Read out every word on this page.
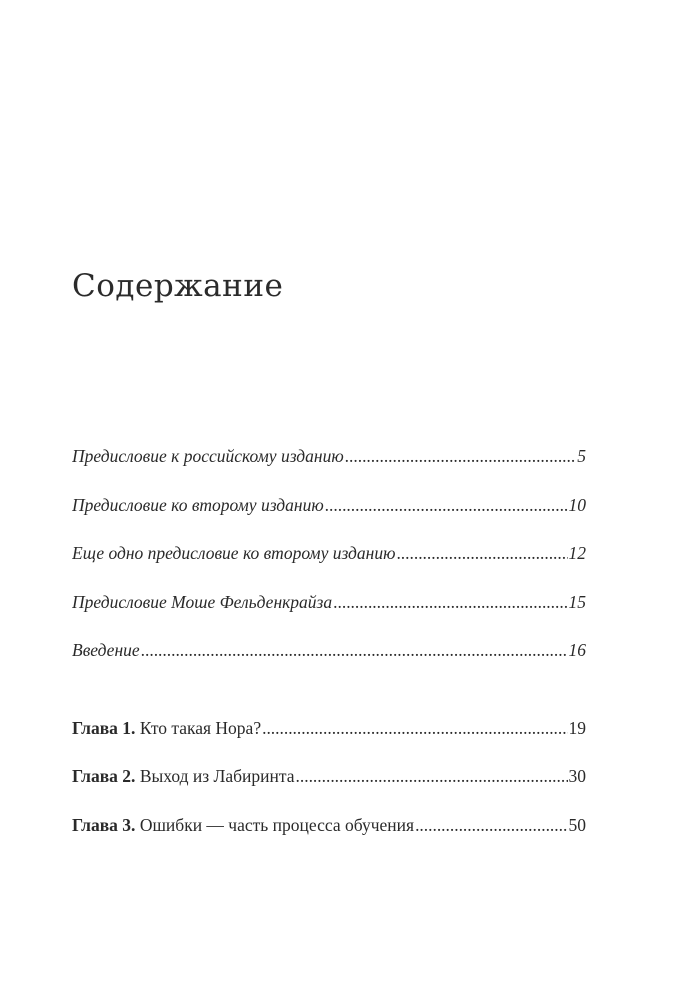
Содержание
Предисловие к российскому изданию . . .	5
Предисловие ко второму изданию . . .	10
Еще одно предисловие ко второму изданию . . .	12
Предисловие Моше Фельденкрайза . . .	15
Введение . . .	16
Глава 1. Кто такая Нора? . . .	19
Глава 2. Выход из Лабиринта . . .	30
Глава 3. Ошибки — часть процесса обучения . . .	50
